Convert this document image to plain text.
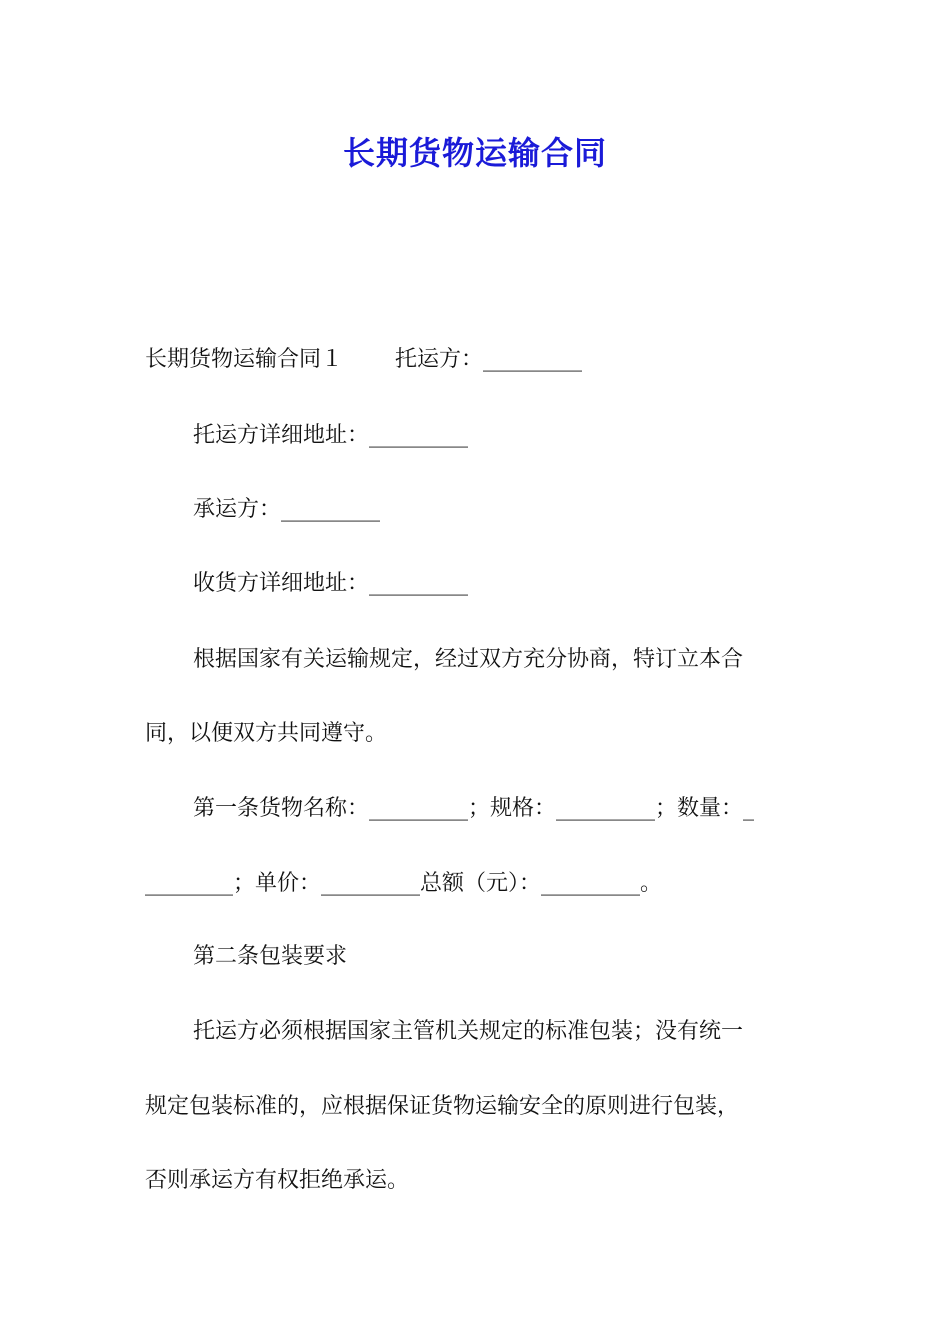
长期货物运输合同
长期货物运输合同１ 托运方：_________
托运方详细地址：_________
承运方：_________
收货方详细地址：_________
根据国家有关运输规定，经过双方充分协商，特订立本合
同，以便双方共同遵守。
第一条货物名称：_________；规格：_________；数量：_
________；单价：_________总额（元）：_________。
第二条包装要求
托运方必须根据国家主管机关规定的标准包装；没有统一
规定包装标准的，应根据保证货物运输安全的原则进行包装，
否则承运方有权拒绝承运。
